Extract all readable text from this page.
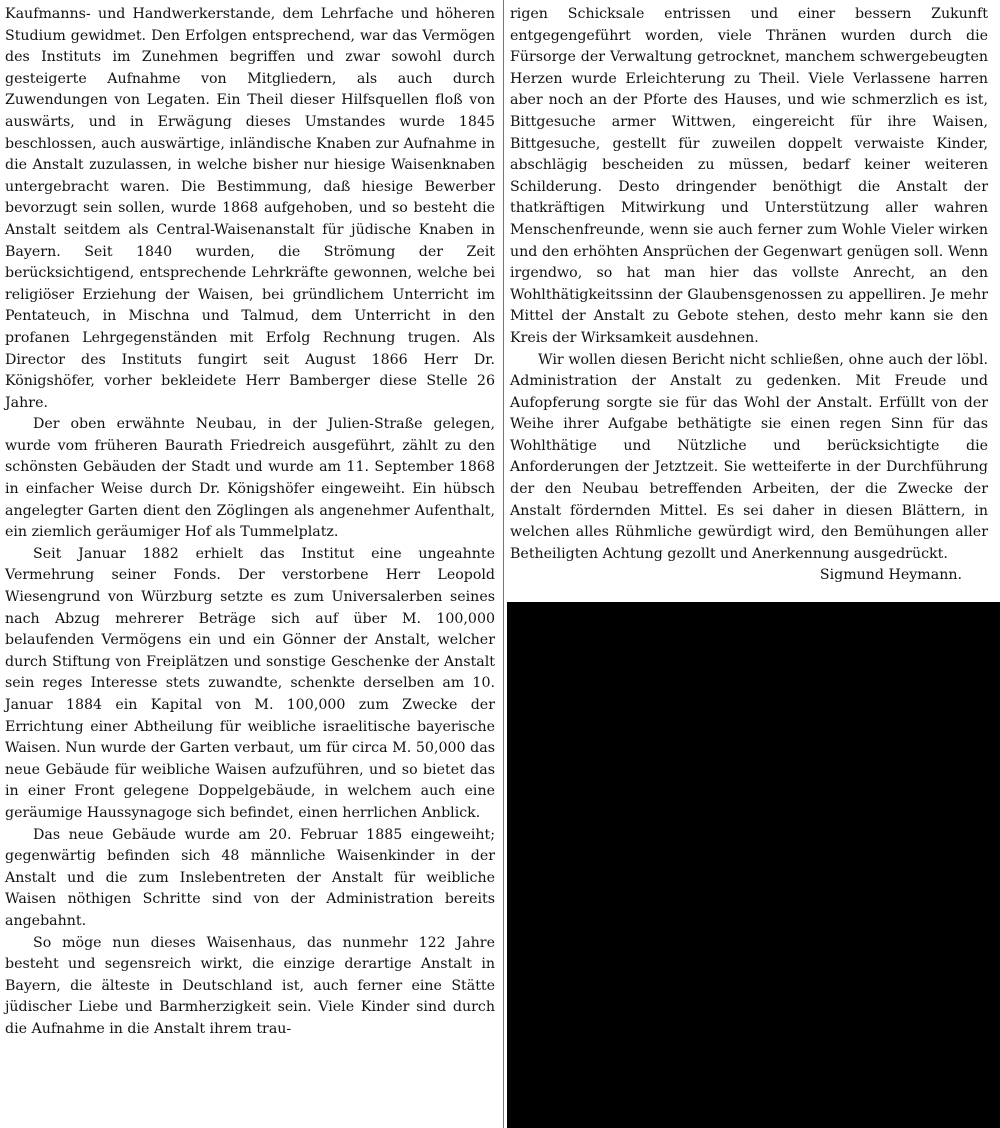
Kaufmanns- und Handwerkerstande, dem Lehrfache und höheren Studium gewidmet. Den Erfolgen entsprechend, war das Vermögen des Instituts im Zunehmen begriffen und zwar sowohl durch gesteigerte Aufnahme von Mitgliedern, als auch durch Zuwendungen von Legaten. Ein Theil dieser Hilfsquellen floß von auswärts, und in Erwägung dieses Umstandes wurde 1845 beschlossen, auch auswärtige, inländische Knaben zur Aufnahme in die Anstalt zuzulassen, in welche bisher nur hiesige Waisenknaben untergebracht waren. Die Bestimmung, daß hiesige Bewerber bevorzugt sein sollen, wurde 1868 aufgehoben, und so besteht die Anstalt seitdem als Central-Waisenanstalt für jüdische Knaben in Bayern. Seit 1840 wurden, die Strömung der Zeit berücksichtigend, entsprechende Lehrkräfte gewonnen, welche bei religiöser Erziehung der Waisen, bei gründlichem Unterricht im Pentateuch, in Mischna und Talmud, dem Unterricht in den profanen Lehrgegenständen mit Erfolg Rechnung trugen. Als Director des Instituts fungirt seit August 1866 Herr Dr. Königshöfer, vorher bekleidete Herr Bamberger diese Stelle 26 Jahre.

Der oben erwähnte Neubau, in der Julien-Straße gelegen, wurde vom früheren Baurath Friedreich ausgeführt, zählt zu den schönsten Gebäuden der Stadt und wurde am 11. September 1868 in einfacher Weise durch Dr. Königshöfer eingeweiht. Ein hübsch angelegter Garten dient den Zöglingen als angenehmer Aufenthalt, ein ziemlich geräumiger Hof als Tummelplatz.

Seit Januar 1882 erhielt das Institut eine ungeahnte Vermehrung seiner Fonds. Der verstorbene Herr Leopold Wiesengrund von Würzburg setzte es zum Universalerben seines nach Abzug mehrerer Beträge sich auf über M. 100,000 belaufenden Vermögens ein und ein Gönner der Anstalt, welcher durch Stiftung von Freiplätzen und sonstige Geschenke der Anstalt sein reges Interesse stets zuwandte, schenkte derselben am 10. Januar 1884 ein Kapital von M. 100,000 zum Zwecke der Errichtung einer Abtheilung für weibliche israelitische bayerische Waisen. Nun wurde der Garten verbaut, um für circa M. 50,000 das neue Gebäude für weibliche Waisen aufzuführen, und so bietet das in einer Front gelegene Doppelgebäude, in welchem auch eine geräumige Haussynagoge sich befindet, einen herrlichen Anblick.

Das neue Gebäude wurde am 20. Februar 1885 eingeweiht; gegenwärtig befinden sich 48 männliche Waisenkinder in der Anstalt und die zum Inslebentreten der Anstalt für weibliche Waisen nöthigen Schritte sind von der Administration bereits angebahnt.

So möge nun dieses Waisenhaus, das nunmehr 122 Jahre besteht und segensreich wirkt, die einzige derartige Anstalt in Bayern, die älteste in Deutschland ist, auch ferner eine Stätte jüdischer Liebe und Barmherzigkeit sein. Viele Kinder sind durch die Aufnahme in die Anstalt ihrem trau-

rigen Schicksale entrissen und einer bessern Zukunft entgegengeführt worden, viele Thränen wurden durch die Fürsorge der Verwaltung getrocknet, manchem schwergebeugten Herzen wurde Erleichterung zu Theil. Viele Verlassene harren aber noch an der Pforte des Hauses, und wie schmerzlich es ist, Bittgesuche armer Wittwen, eingereicht für ihre Waisen, Bittgesuche, gestellt für zuweilen doppelt verwaiste Kinder, abschlägig bescheiden zu müssen, bedarf keiner weiteren Schilderung. Desto dringender benöthigt die Anstalt der thatkräftigen Mitwirkung und Unterstützung aller wahren Menschenfreunde, wenn sie auch ferner zum Wohle Vieler wirken und den erhöhten Ansprüchen der Gegenwart genügen soll. Wenn irgendwo, so hat man hier das vollste Anrecht, an den Wohlthätigkeitssinn der Glaubensgenossen zu appelliren. Je mehr Mittel der Anstalt zu Gebote stehen, desto mehr kann sie den Kreis der Wirksamkeit ausdehnen.

Wir wollen diesen Bericht nicht schließen, ohne auch der löbl. Administration der Anstalt zu gedenken. Mit Freude und Aufopferung sorgte sie für das Wohl der Anstalt. Erfüllt von der Weihe ihrer Aufgabe bethätigte sie einen regen Sinn für das Wohlthätige und Nützliche und berücksichtigte die Anforderungen der Jetztzeit. Sie wetteiferte in der Durchführung der den Neubau betreffenden Arbeiten, der die Zwecke der Anstalt fördernden Mittel. Es sei daher in diesen Blättern, in welchen alles Rühmliche gewürdigt wird, den Bemühungen aller Betheiligten Achtung gezollt und Anerkennung ausgedrückt.

Sigmund Heymann.
